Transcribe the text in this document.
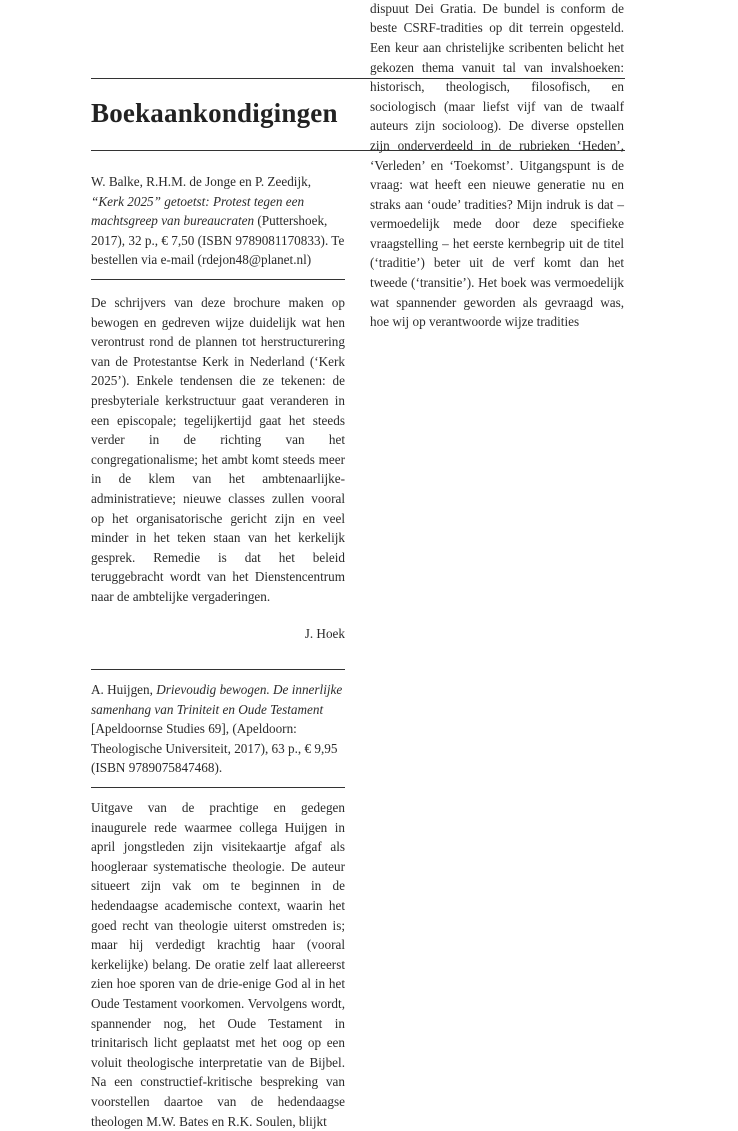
Boekaankondigingen

W. Balke, R.H.M. de Jonge en P. Zeedijk, “Kerk 2025” getoetst: Protest tegen een machtsgreep van bureaucraten (Puttershoek, 2017), 32 p., € 7,50 (ISBN 9789081170833). Te bestellen via e-mail (rdejon48@planet.nl)

De schrijvers van deze brochure maken op bewogen en gedreven wijze duidelijk wat hen verontrust rond de plannen tot herstructurering van de Protestantse Kerk in Nederland (‘Kerk 2025’). Enkele tendensen die ze tekenen: de presbyteriale kerkstructuur gaat veranderen in een episcopale; tegelijkertijd gaat het steeds verder in de richting van het congregationalisme; het ambt komt steeds meer in de klem van het ambtenaarlijke-administratieve; nieuwe classes zullen vooral op het organisatorische gericht zijn en veel minder in het teken staan van het kerkelijk gesprek. Remedie is dat het beleid teruggebracht wordt van het Dienstencentrum naar de ambtelijke vergaderingen.

J. Hoek

A. Huijgen, Drievoudig bewogen. De innerlijke samenhang van Triniteit en Oude Testament [Apeldoornse Studies 69], (Apeldoorn: Theologische Universiteit, 2017), 63 p., € 9,95 (ISBN 9789075847468).

Uitgave van de prachtige en gedegen inaugurele rede waarmee collega Huijgen in april jongstleden zijn visitekaartje afgaf als hoogleraar systematische theologie. De auteur situeert zijn vak om te beginnen in de hedendaagse academische context, waarin het goed recht van theologie uiterst omstreden is; maar hij verdedigt krachtig haar (vooral kerkelijke) belang. De oratie zelf laat allereerst zien hoe sporen van de drie-enige God al in het Oude Testament voorkomen. Vervolgens wordt, spannender nog, het Oude Testament in trinitarisch licht geplaatst met het oog op een voluit theologische interpretatie van de Bijbel. Na een constructief-kritische bespreking van voorstellen daartoe van de hedendaagse theologen M.W. Bates en R.K. Soulen, blijkt

dispuut Dei Gratia. De bundel is conform de beste CSRF-tradities op dit terrein opgesteld. Een keur aan christelijke scribenten belicht het gekozen thema vanuit tal van invalshoeken: historisch, theologisch, filosofisch, en sociologisch (maar liefst vijf van de twaalf auteurs zijn socioloog). De diverse opstellen zijn onderverdeeld in de rubrieken ‘Heden’, ‘Verleden’ en ‘Toekomst’. Uitgangspunt is de vraag: wat heeft een nieuwe generatie nu en straks aan ‘oude’ tradities? Mijn indruk is dat – vermoedelijk mede door deze specifieke vraagstelling – het eerste kernbegrip uit de titel (‘traditie’) beter uit de verf komt dan het tweede (‘transitie’). Het boek was vermoedelijk wat spannender geworden als gevraagd was, hoe wij op verantwoorde wijze tradities
